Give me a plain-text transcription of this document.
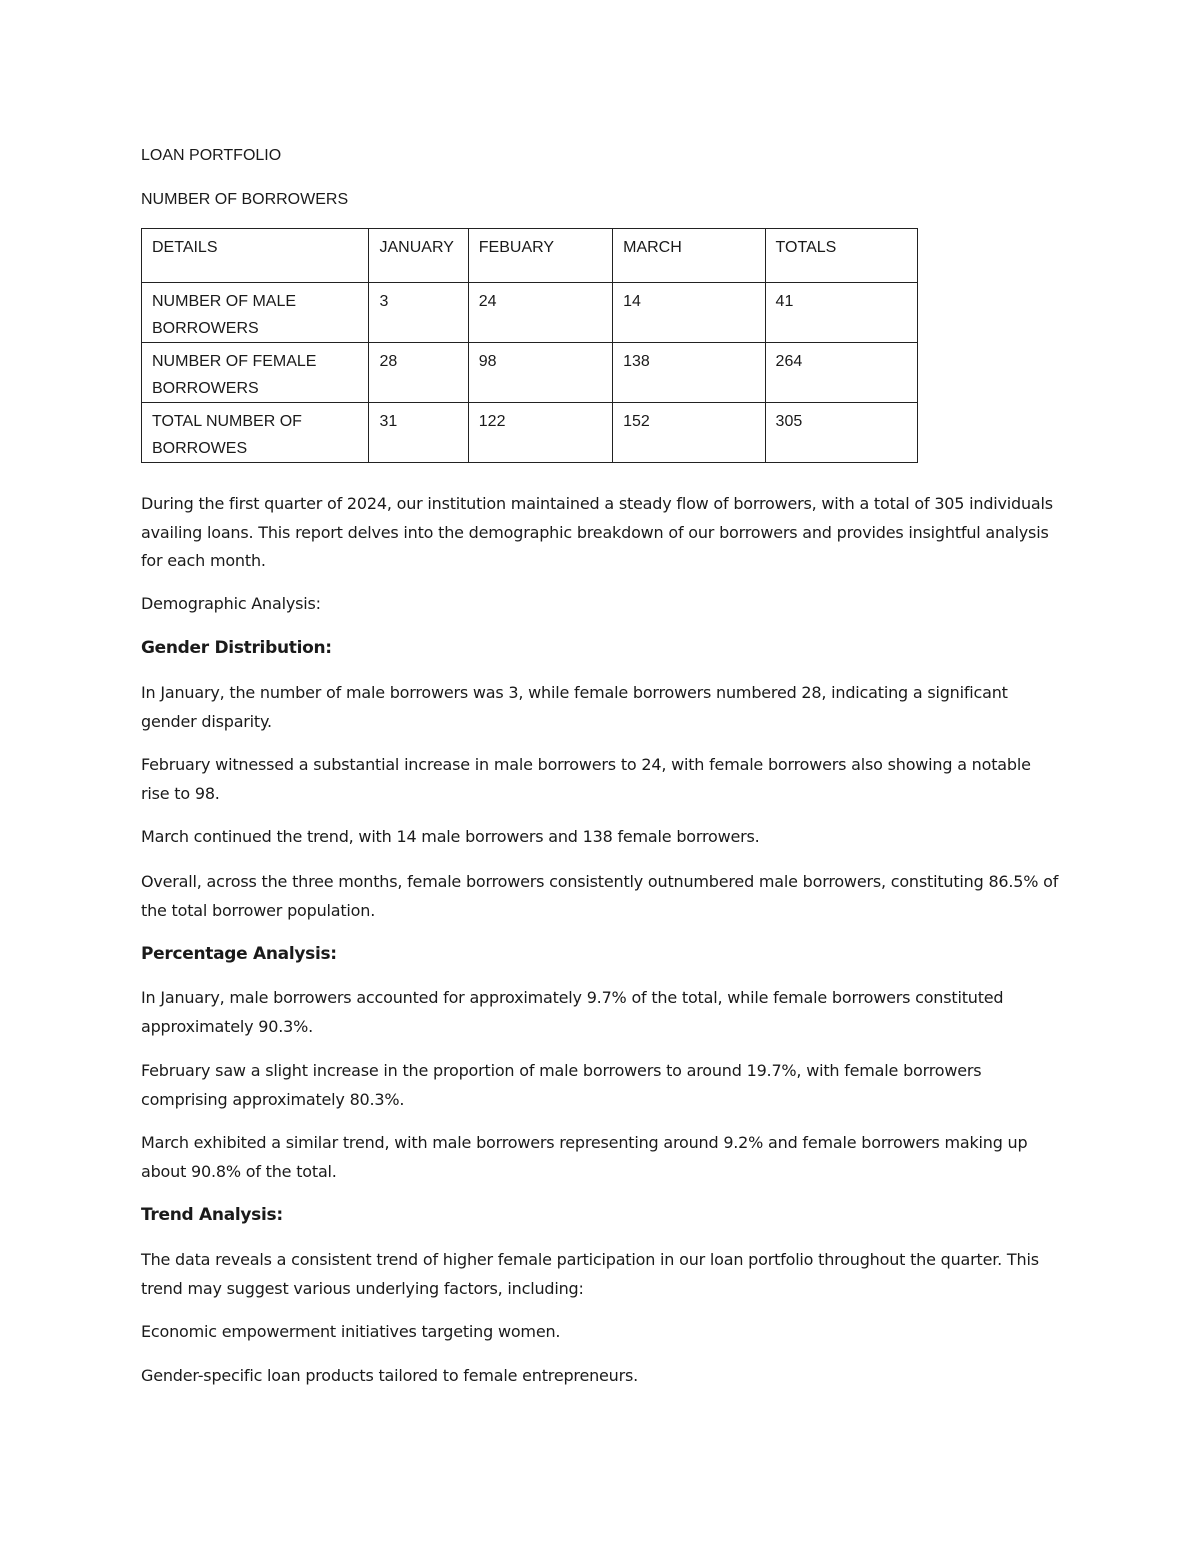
LOAN PORTFOLIO
NUMBER OF BORROWERS
DETAILS	JANUARY	FEBUARY	MARCH	TOTALS
NUMBER OF MALE BORROWERS	3	24	14	41
NUMBER OF FEMALE BORROWERS	28	98	138	264
TOTAL NUMBER OF BORROWES	31	122	152	305

During the first quarter of 2024, our institution maintained a steady flow of borrowers, with a total of 305 individuals availing loans. This report delves into the demographic breakdown of our borrowers and provides insightful analysis for each month.

Demographic Analysis:

Gender Distribution:

In January, the number of male borrowers was 3, while female borrowers numbered 28, indicating a significant gender disparity.

February witnessed a substantial increase in male borrowers to 24, with female borrowers also showing a notable rise to 98.

March continued the trend, with 14 male borrowers and 138 female borrowers.

Overall, across the three months, female borrowers consistently outnumbered male borrowers, constituting 86.5% of the total borrower population.

Percentage Analysis:

In January, male borrowers accounted for approximately 9.7% of the total, while female borrowers constituted approximately 90.3%.

February saw a slight increase in the proportion of male borrowers to around 19.7%, with female borrowers comprising approximately 80.3%.

March exhibited a similar trend, with male borrowers representing around 9.2% and female borrowers making up about 90.8% of the total.

Trend Analysis:

The data reveals a consistent trend of higher female participation in our loan portfolio throughout the quarter. This trend may suggest various underlying factors, including:

Economic empowerment initiatives targeting women.

Gender-specific loan products tailored to female entrepreneurs.
